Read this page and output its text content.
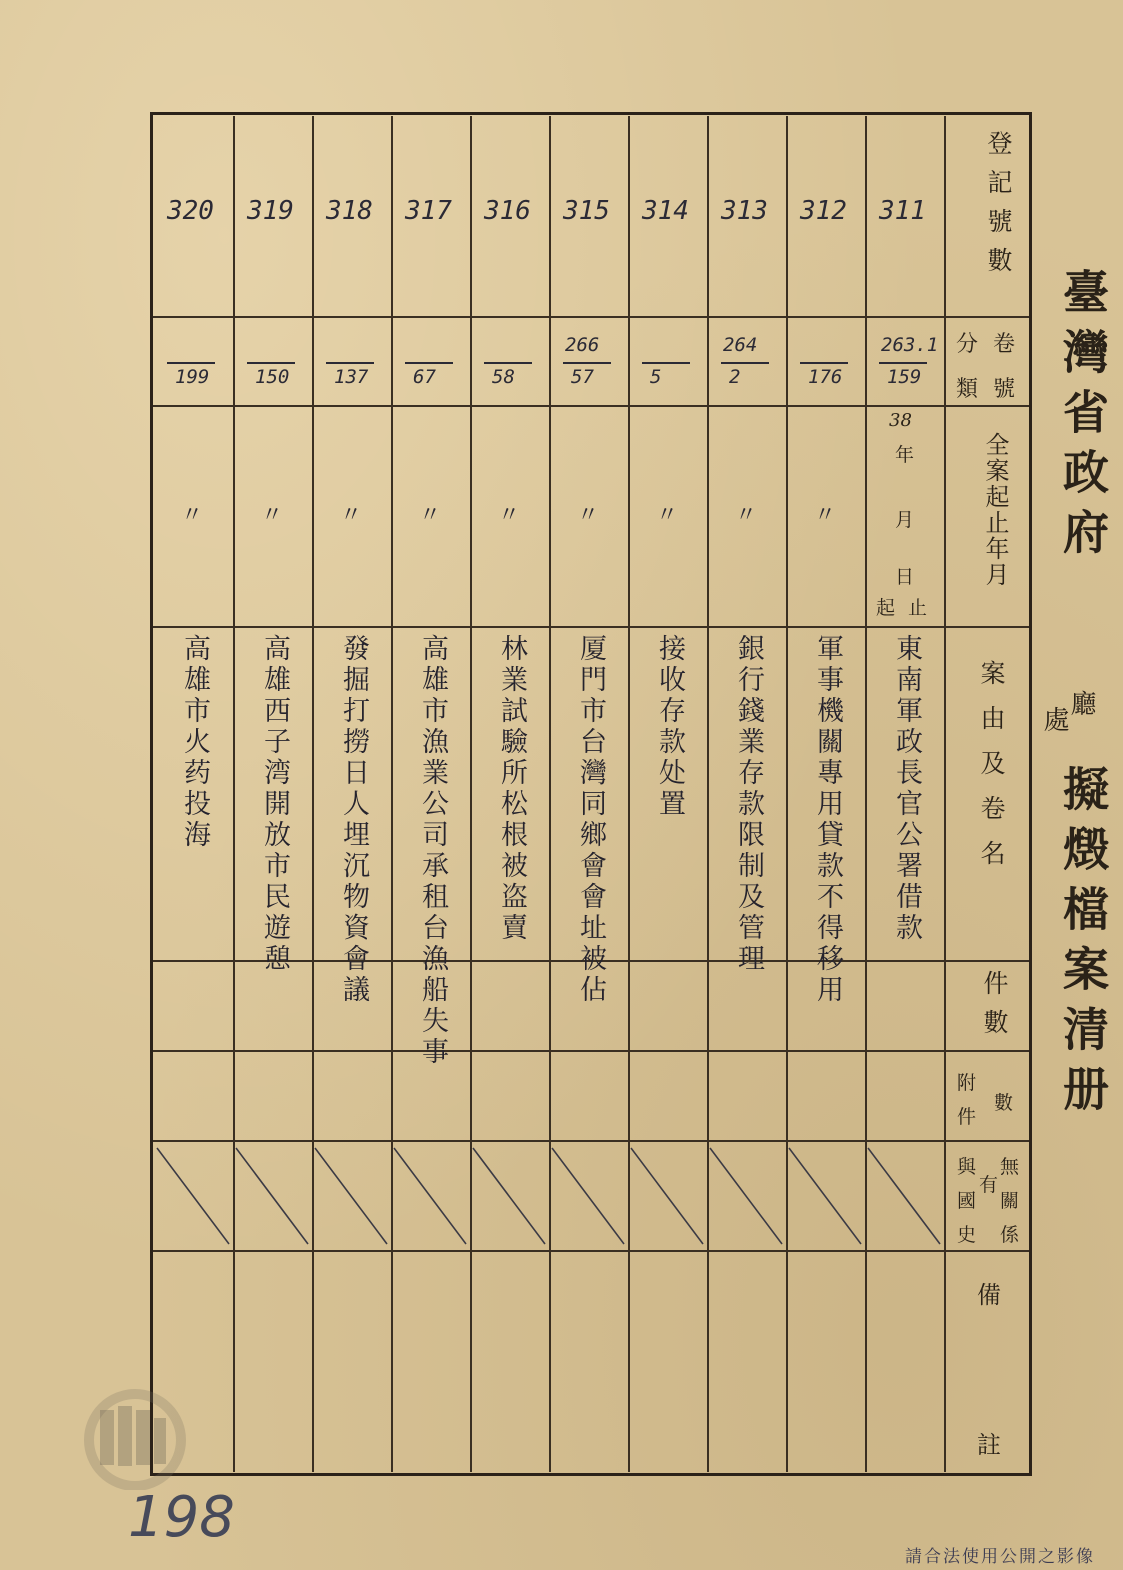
臺灣省政府
廳
處
擬燬檔案清册
登記號數
卷
號
分
類
全案起止年月
38
年
月
日
起 止
案由及卷名
件數
附
件
數
與
國
史
有
無
關
係
備
註
311
263.1
159
東南軍政長官公署借款
312
176
〃
軍事機關專用貸款不得移用
313
264
2
〃
銀行錢業存款限制及管理
314
5
〃
接收存款处置
315
266
57
〃
厦門市台灣同鄉會會址被佔
316
58
〃
林業試驗所松根被盗賣
317
67
〃
高雄市漁業公司承租台漁船失事
318
137
〃
發掘打撈日人埋沉物資會議
319
150
〃
高雄西子湾開放市民遊憩
320
199
〃
高雄市火药投海
198
請合法使用公開之影像
